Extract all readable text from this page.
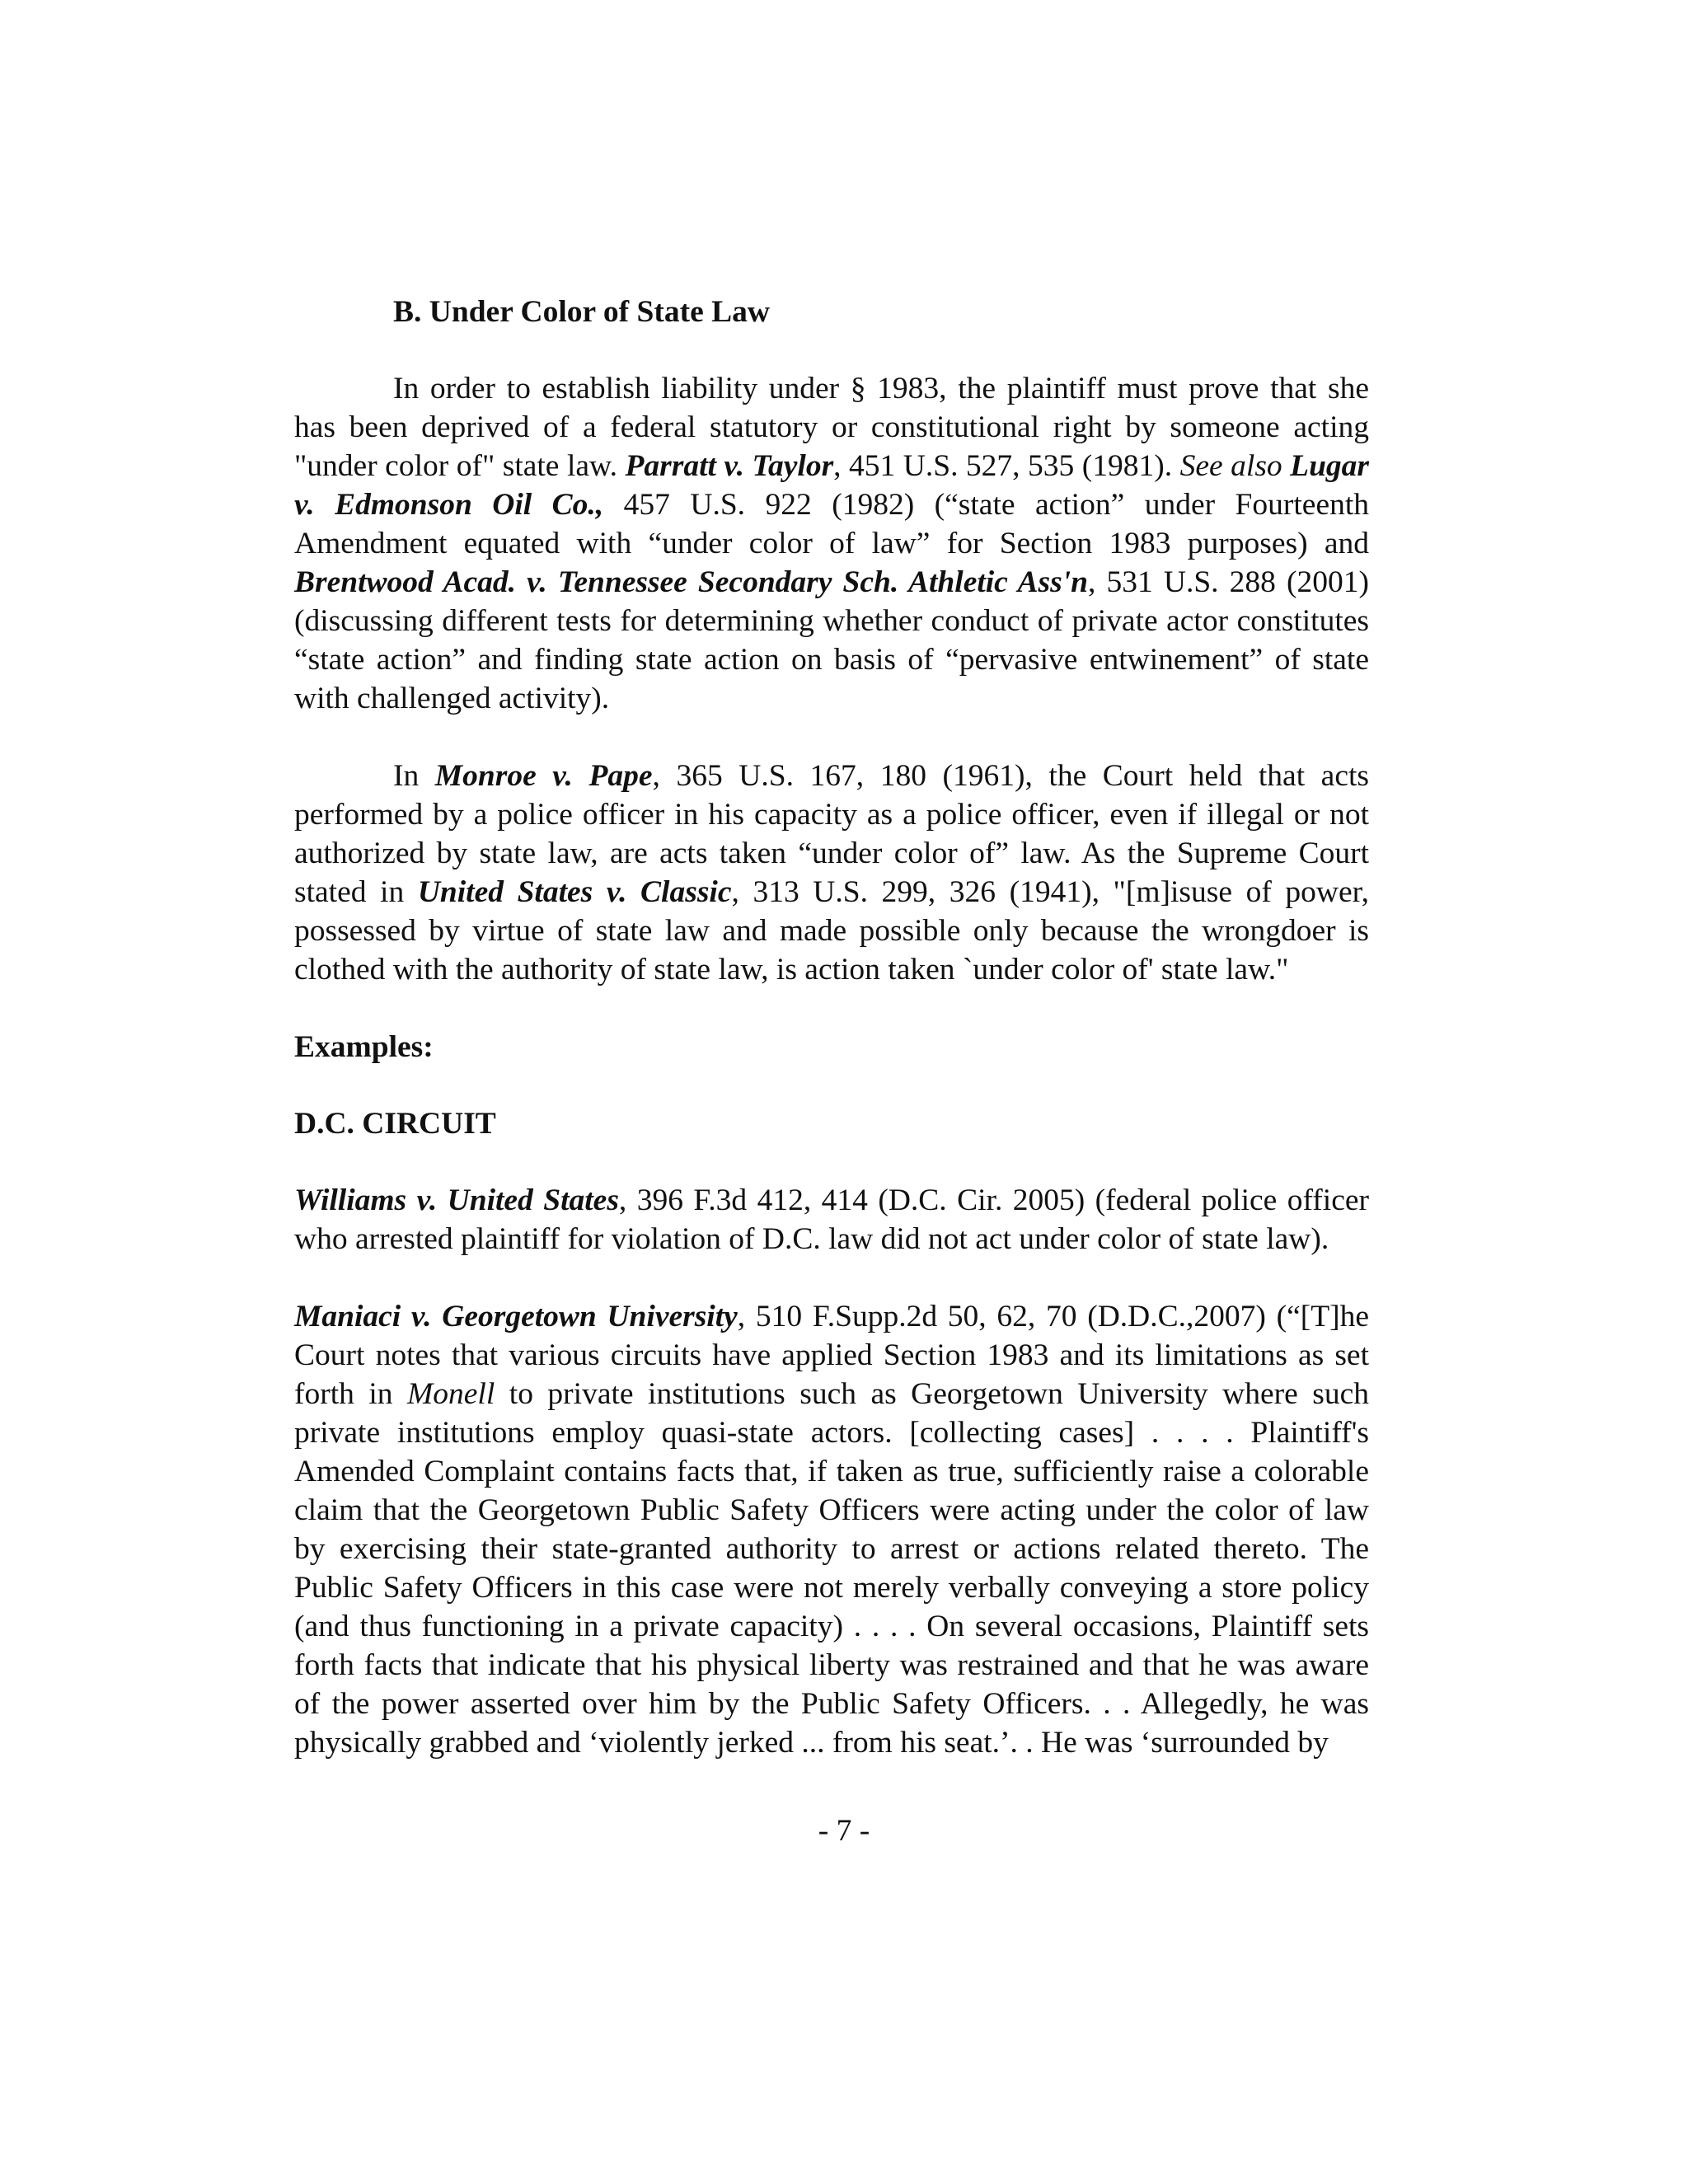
B. Under Color of State Law

In order to establish liability under § 1983, the plaintiff must prove that she has been deprived of a federal statutory or constitutional right by someone acting "under color of" state law. Parratt v. Taylor, 451 U.S. 527, 535 (1981). See also Lugar v. Edmonson Oil Co., 457 U.S. 922 (1982) (“state action” under Fourteenth Amendment equated with “under color of law” for Section 1983 purposes) and Brentwood Acad. v. Tennessee Secondary Sch. Athletic Ass'n, 531 U.S. 288 (2001) (discussing different tests for determining whether conduct of private actor constitutes “state action” and finding state action on basis of “pervasive entwinement” of state with challenged activity).

In Monroe v. Pape, 365 U.S. 167, 180 (1961), the Court held that acts performed by a police officer in his capacity as a police officer, even if illegal or not authorized by state law, are acts taken “under color of” law. As the Supreme Court stated in United States v. Classic, 313 U.S. 299, 326 (1941), "[m]isuse of power, possessed by virtue of state law and made possible only because the wrongdoer is clothed with the authority of state law, is action taken `under color of' state law."

Examples:
D.C. CIRCUIT

Williams v. United States, 396 F.3d 412, 414 (D.C. Cir. 2005) (federal police officer who arrested plaintiff for violation of D.C. law did not act under color of state law).

Maniaci v. Georgetown University, 510 F.Supp.2d 50, 62, 70 (D.D.C.,2007) (“[T]he Court notes that various circuits have applied Section 1983 and its limitations as set forth in Monell to private institutions such as Georgetown University where such private institutions employ quasi-state actors. [collecting cases] . . . . Plaintiff's Amended Complaint contains facts that, if taken as true, sufficiently raise a colorable claim that the Georgetown Public Safety Officers were acting under the color of law by exercising their state-granted authority to arrest or actions related thereto. The Public Safety Officers in this case were not merely verbally conveying a store policy (and thus functioning in a private capacity) . . . . On several occasions, Plaintiff sets forth facts that indicate that his physical liberty was restrained and that he was aware of the power asserted over him by the Public Safety Officers. . . Allegedly, he was physically grabbed and ‘violently jerked ... from his seat.’. . He was ‘surrounded by

- 7 -
